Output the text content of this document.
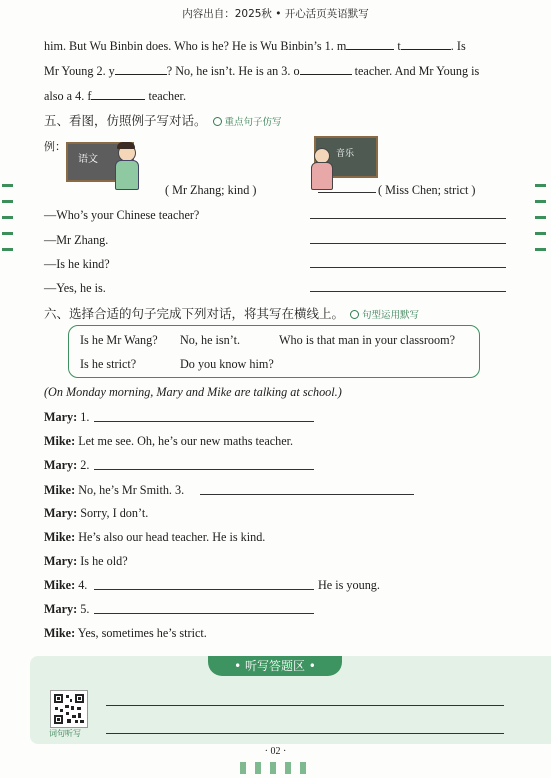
内容出自：2025秋 • 开心活页英语默写
him. But Wu Binbin does. Who is he? He is Wu Binbin’s 1. m	t	. Is
Mr Young 2. y	? No, he isn’t. He is an 3. o	teacher. And Mr Young is
also a 4. f	teacher.
五、看图，仿照例子写对话。 重点句子仿写
例：
语文
( Mr Zhang; kind )
音乐
( Miss Chen; strict )
—Who’s your Chinese teacher?
—Mr Zhang.
—Is he kind?
—Yes, he is.
六、选择合适的句子完成下列对话，将其写在横线上。 句型运用默写
Is he Mr Wang? No, he isn’t.	Who is that man in your classroom?
Is he strict?	Do you know him?
(On Monday morning, Mary and Mike are talking at school.)
Mary: 1.
Mike: Let me see. Oh, he’s our new maths teacher.
Mary: 2.
Mike: No, he’s Mr Smith. 3.
Mary: Sorry, I don’t.
Mike: He’s also our head teacher. He is kind.
Mary: Is he old?
Mike: 4.	He is young.
Mary: 5.
Mike: Yes, sometimes he’s strict.
• 听写答题区 •
词句听写
· 02 ·
